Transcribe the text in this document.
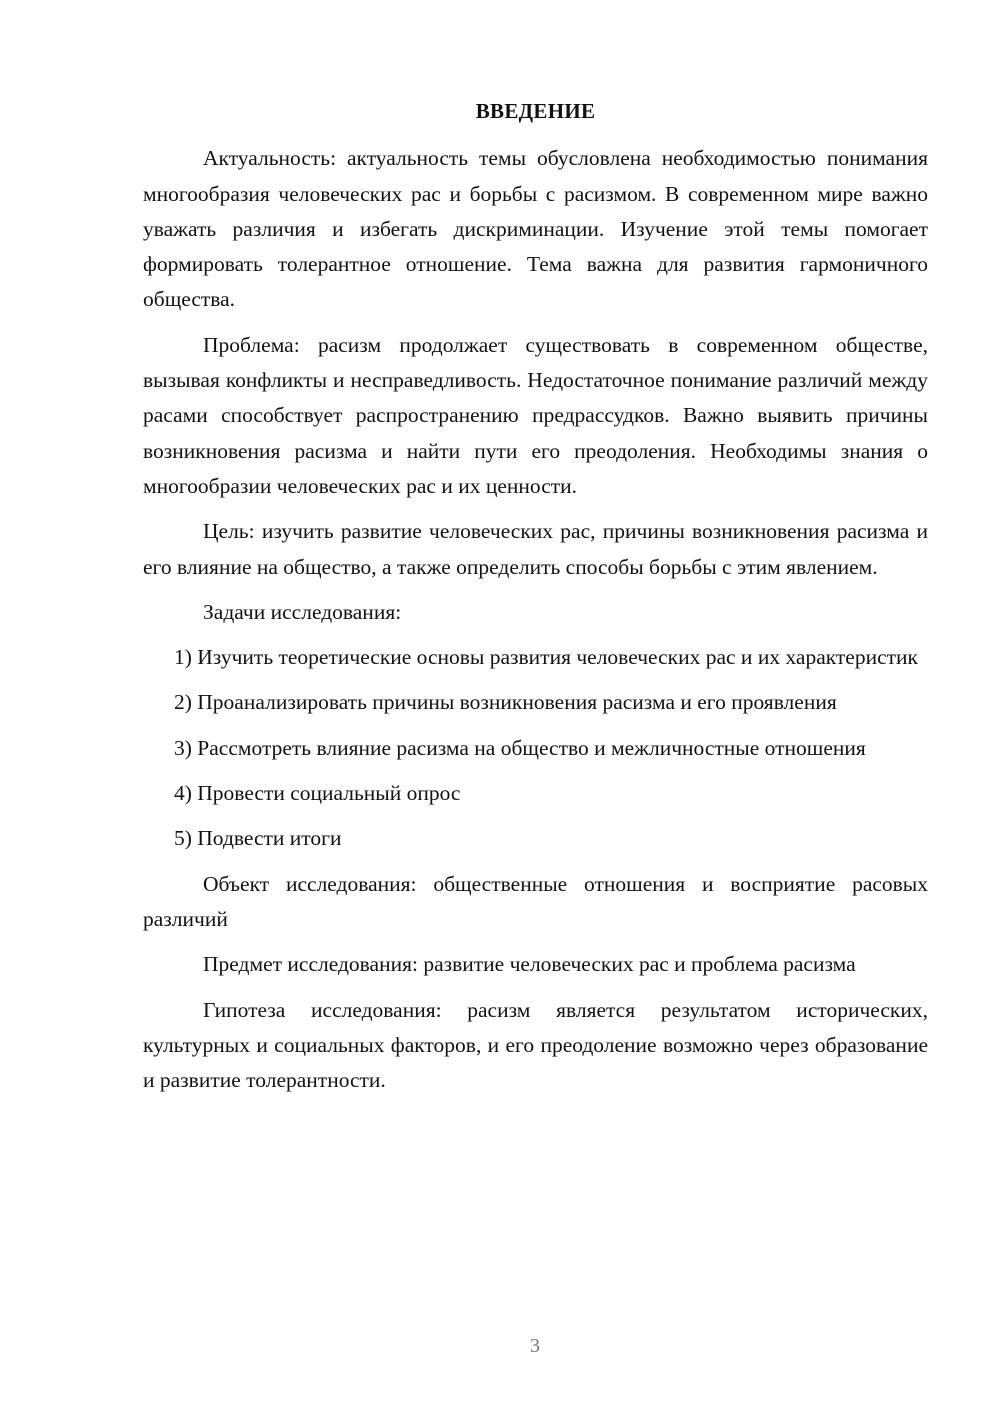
ВВЕДЕНИЕ

Актуальность: актуальность темы обусловлена необходимостью понимания многообразия человеческих рас и борьбы с расизмом. В современном мире важно уважать различия и избегать дискриминации. Изучение этой темы помогает формировать толерантное отношение. Тема важна для развития гармоничного общества.

Проблема: расизм продолжает существовать в современном обществе, вызывая конфликты и несправедливость. Недостаточное понимание различий между расами способствует распространению предрассудков. Важно выявить причины возникновения расизма и найти пути его преодоления. Необходимы знания о многообразии человеческих рас и их ценности.

Цель: изучить развитие человеческих рас, причины возникновения расизма и его влияние на общество, а также определить способы борьбы с этим явлением.

Задачи исследования:

1) Изучить теоретические основы развития человеческих рас и их характеристик

2) Проанализировать причины возникновения расизма и его проявления

3) Рассмотреть влияние расизма на общество и межличностные отношения

4) Провести социальный опрос

5) Подвести итоги

Объект исследования: общественные отношения и восприятие расовых различий

Предмет исследования: развитие человеческих рас и проблема расизма

Гипотеза исследования: расизм является результатом исторических, культурных и социальных факторов, и его преодоление возможно через образование и развитие толерантности.

3
